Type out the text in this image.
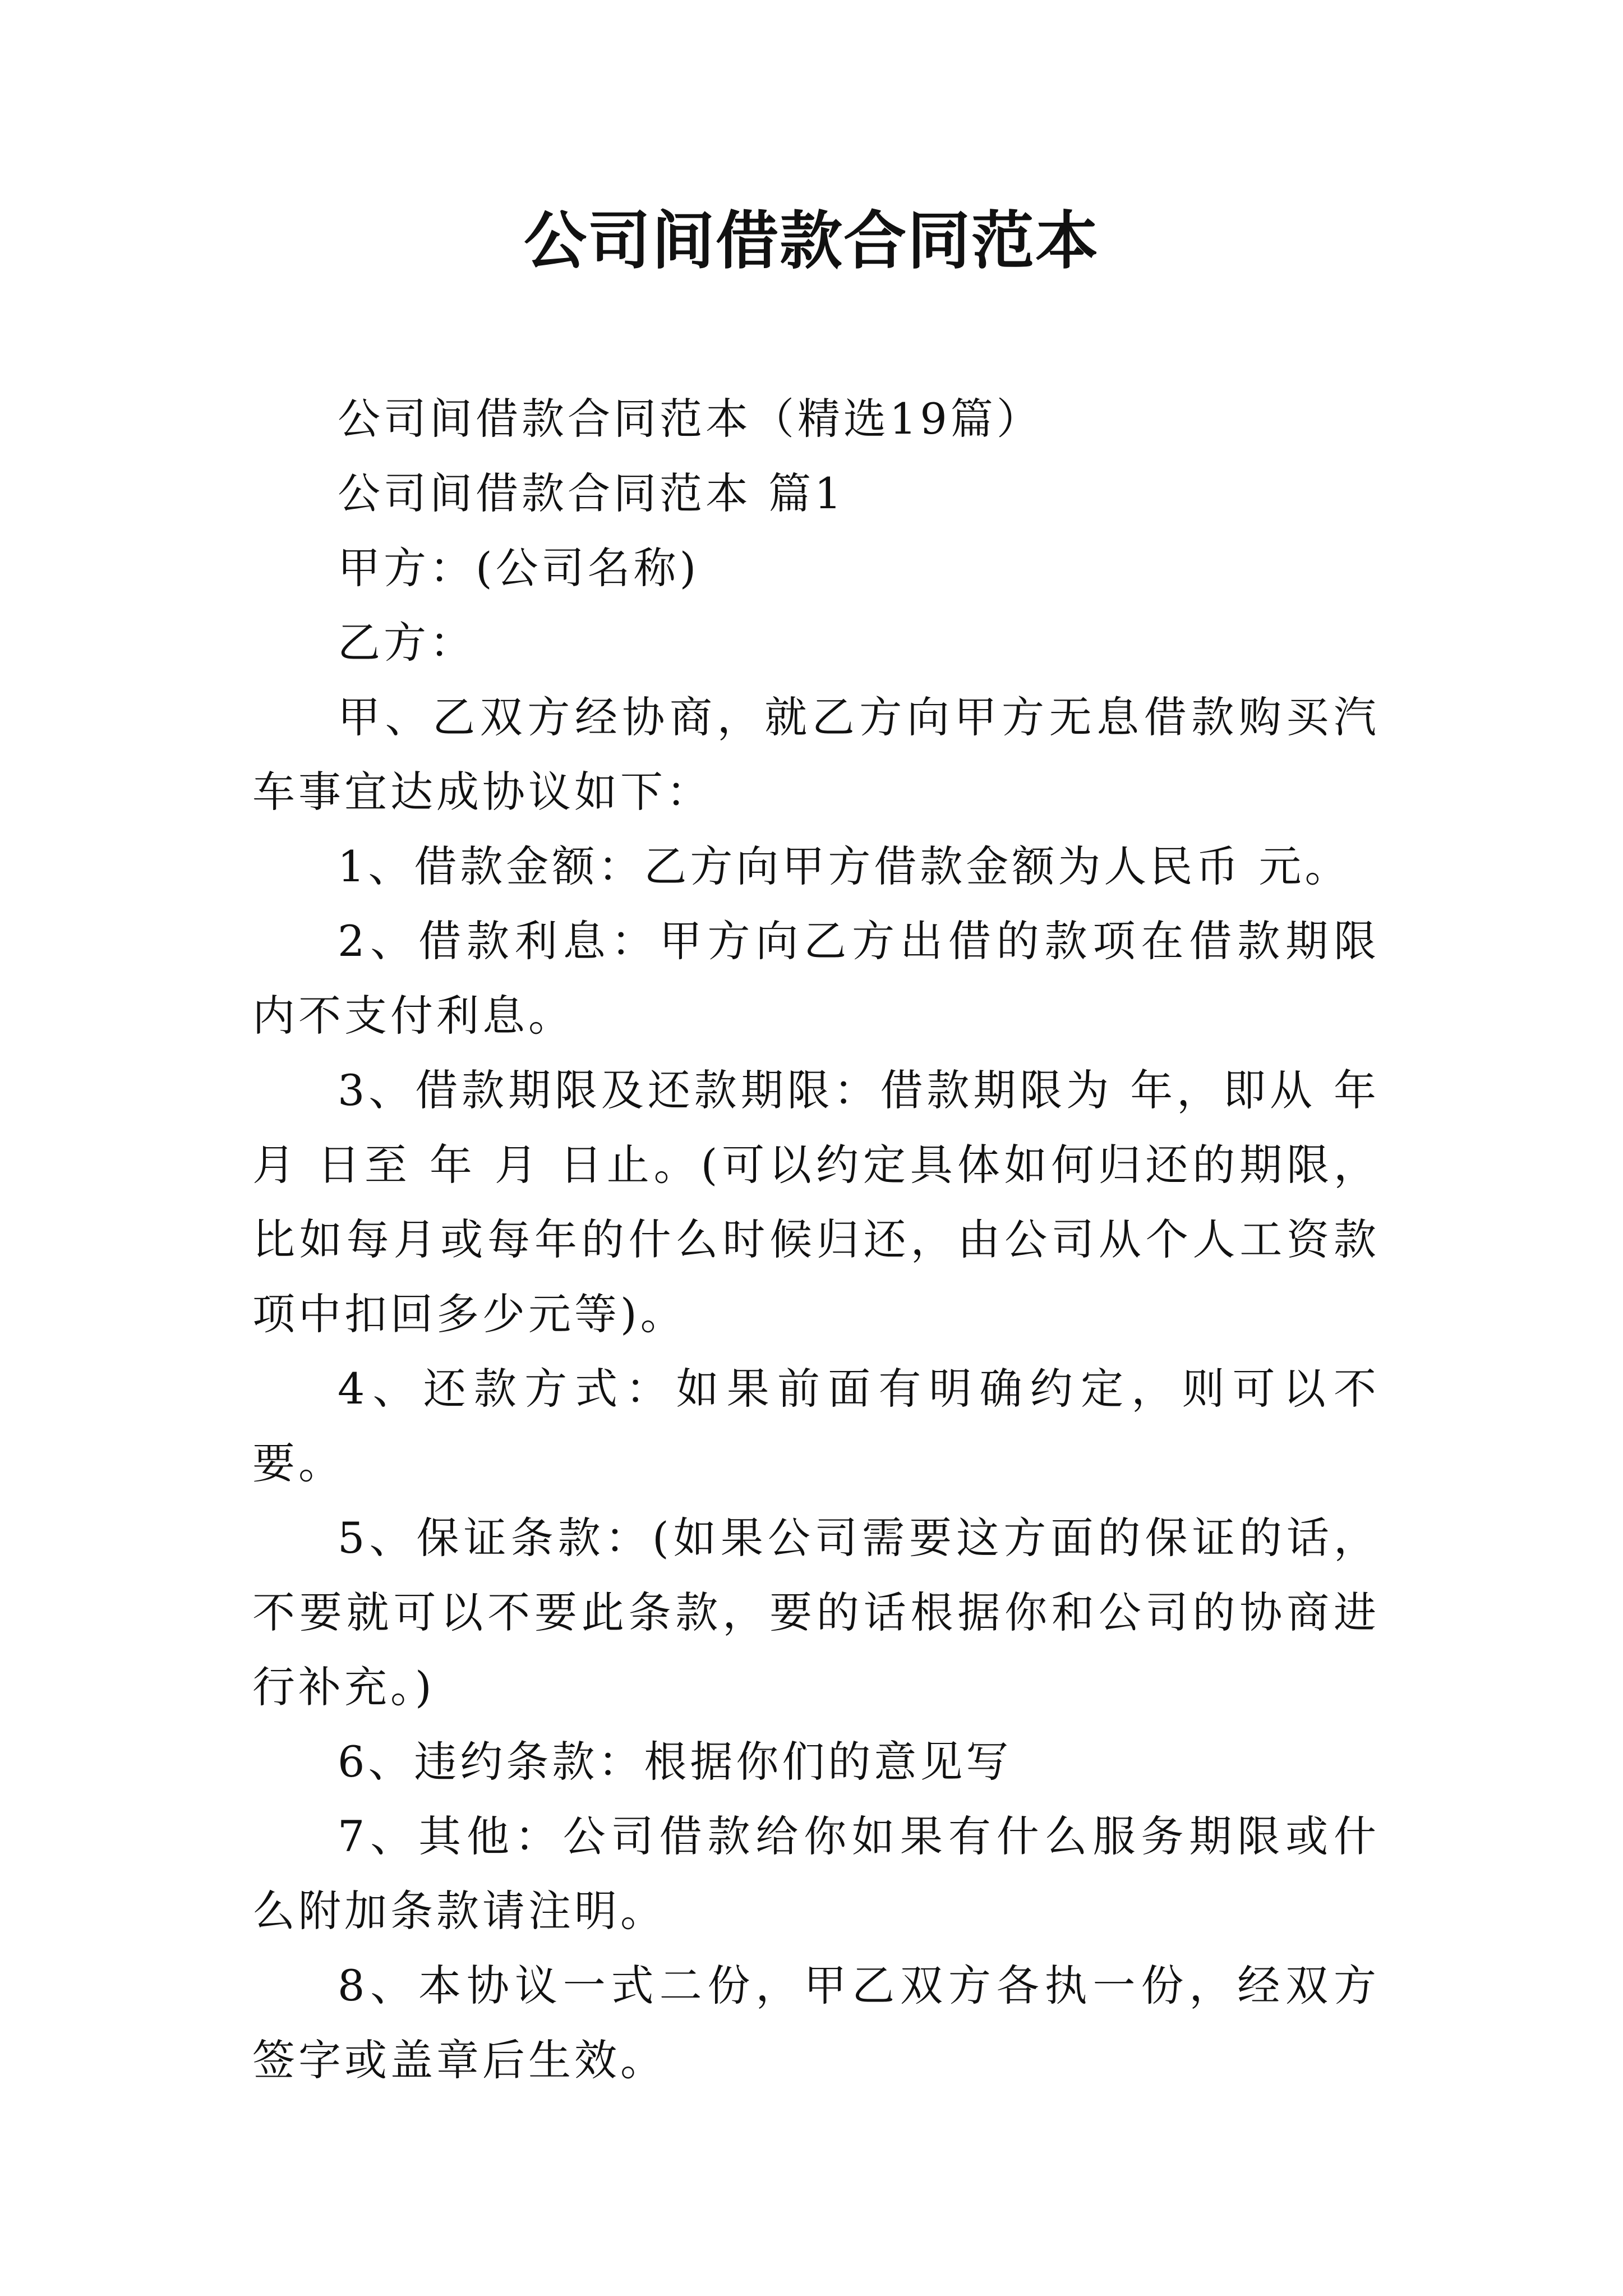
公司间借款合同范本

公司间借款合同范本（精选19篇）

公司间借款合同范本 篇1

甲方：(公司名称)

乙方：

甲、乙双方经协商，就乙方向甲方无息借款购买汽车事宜达成协议如下：

1、借款金额：乙方向甲方借款金额为人民币 元。

2、借款利息：甲方向乙方出借的款项在借款期限内不支付利息。

3、借款期限及还款期限：借款期限为 年，即从 年 月 日至 年 月 日止。(可以约定具体如何归还的期限，比如每月或每年的什么时候归还，由公司从个人工资款项中扣回多少元等)。

4、还款方式：如果前面有明确约定，则可以不要。

5、保证条款：(如果公司需要这方面的保证的话，不要就可以不要此条款，要的话根据你和公司的协商进行补充。)

6、违约条款：根据你们的意见写

7、其他：公司借款给你如果有什么服务期限或什么附加条款请注明。

8、本协议一式二份，甲乙双方各执一份，经双方签字或盖章后生效。
